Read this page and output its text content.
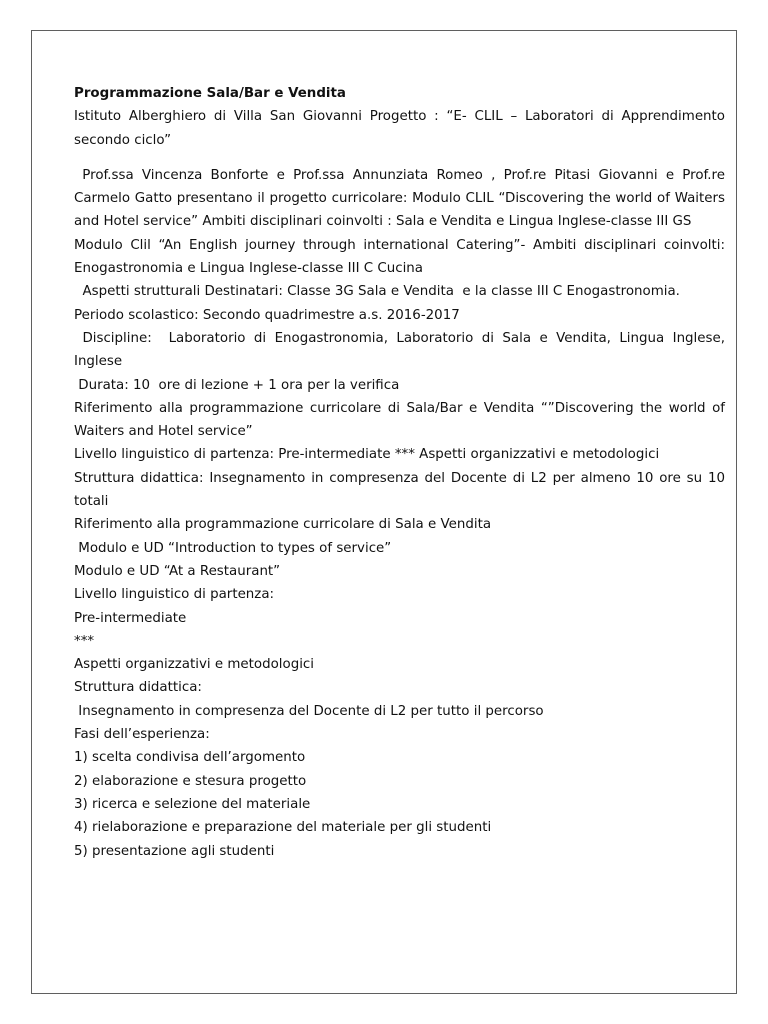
Programmazione Sala/Bar e Vendita

Istituto Alberghiero di Villa San Giovanni Progetto : “E- CLIL – Laboratori di Apprendimento secondo ciclo”

Prof.ssa Vincenza Bonforte e Prof.ssa Annunziata Romeo , Prof.re Pitasi Giovanni e Prof.re Carmelo Gatto presentano il progetto curricolare: Modulo CLIL “Discovering the world of Waiters and Hotel service” Ambiti disciplinari coinvolti : Sala e Vendita e Lingua Inglese-classe III GS

Modulo Clil “An English journey through international Catering”- Ambiti disciplinari coinvolti: Enogastronomia e Lingua Inglese-classe III C Cucina

Aspetti strutturali Destinatari: Classe 3G Sala e Vendita  e la classe III C Enogastronomia.

Periodo scolastico: Secondo quadrimestre a.s. 2016-2017

Discipline:  Laboratorio di Enogastronomia, Laboratorio di Sala e Vendita, Lingua Inglese, Inglese

Durata: 10  ore di lezione + 1 ora per la verifica

Riferimento alla programmazione curricolare di Sala/Bar e Vendita “”Discovering the world of Waiters and Hotel service”

Livello linguistico di partenza: Pre-intermediate *** Aspetti organizzativi e metodologici

Struttura didattica: Insegnamento in compresenza del Docente di L2 per almeno 10 ore su 10 totali

Riferimento alla programmazione curricolare di Sala e Vendita

Modulo e UD “Introduction to types of service”

Modulo e UD “At a Restaurant”

Livello linguistico di partenza:

Pre-intermediate

***

Aspetti organizzativi e metodologici

Struttura didattica:

Insegnamento in compresenza del Docente di L2 per tutto il percorso

Fasi dell’esperienza:

1) scelta condivisa dell’argomento

2) elaborazione e stesura progetto

3) ricerca e selezione del materiale

4) rielaborazione e preparazione del materiale per gli studenti

5) presentazione agli studenti
